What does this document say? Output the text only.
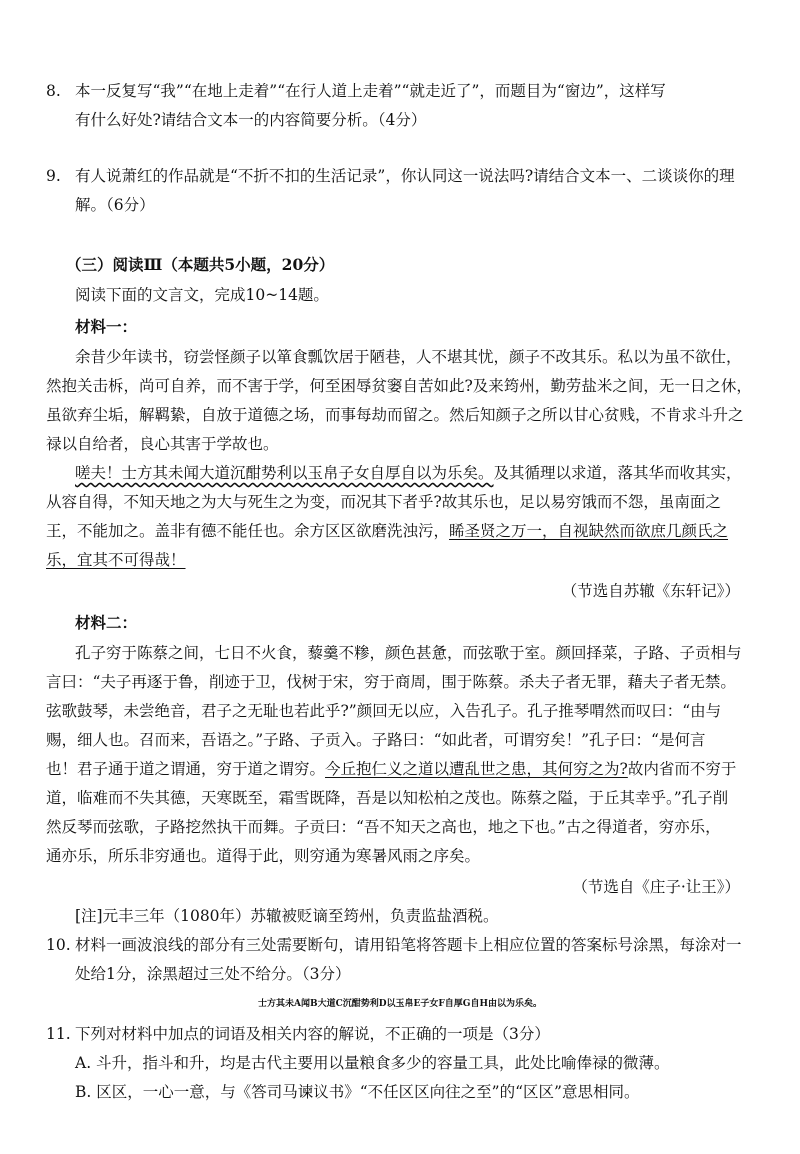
8. 本一反复写“我”“在地上走着”“在行人道上走着”“就走近了”，而题目为“窗边”，这样写
有什么好处?请结合文本一的内容简要分析。（4分）
9. 有人说萧红的作品就是“不折不扣的生活记录”，你认同这一说法吗?请结合文本一、二谈谈你的理
解。（6分）
（三）阅读Ⅲ（本题共5小题，20分）
阅读下面的文言文，完成10~14题。
材料一：
余昔少年读书，窃尝怪颜子以箪食瓢饮居于陋巷，人不堪其忧，颜子不改其乐。私以为虽不欲仕，
然抱关击柝，尚可自养，而不害于学，何至困辱贫窭自苦如此?及来筠州，勤劳盐米之间，无一日之休，
虽欲弃尘垢，解羁絷，自放于道德之场，而事每劫而留之。然后知颜子之所以甘心贫贱，不肯求斗升之
禄以自给者，良心其害于学故也。
嗟夫！士方其未闻大道沉酣势利以玉帛子女自厚自以为乐矣。及其循理以求道，落其华而收其实，
从容自得，不知天地之为大与死生之为变，而况其下者乎?故其乐也，足以易穷饿而不怨，虽南面之
王，不能加之。盖非有德不能任也。余方区区欲磨洗浊污，睎圣贤之万一，自视缺然而欲庶几颜氏之
乐，宜其不可得哉！
（节选自苏辙《东轩记》）
材料二：
孔子穷于陈蔡之间，七日不火食，藜羹不糁，颜色甚惫，而弦歌于室。颜回择菜，子路、子贡相与
言曰：“夫子再逐于鲁，削迹于卫，伐树于宋，穷于商周，围于陈蔡。杀夫子者无罪，藉夫子者无禁。
弦歌鼓琴，未尝绝音，君子之无耻也若此乎?”颜回无以应，入告孔子。孔子推琴喟然而叹曰：“由与
赐，细人也。召而来，吾语之。”子路、子贡入。子路曰：“如此者，可谓穷矣！”孔子曰：“是何言
也！君子通于道之谓通，穷于道之谓穷。今丘抱仁义之道以遭乱世之患，其何穷之为?故内省而不穷于
道，临难而不失其德，天寒既至，霜雪既降，吾是以知松柏之茂也。陈蔡之隘，于丘其幸乎。”孔子削
然反琴而弦歌，子路挖然执干而舞。子贡曰：“吾不知天之高也，地之下也。”古之得道者，穷亦乐，
通亦乐，所乐非穷通也。道得于此，则穷通为寒暑风雨之序矣。
（节选自《庄子·让王》）
[注]元丰三年（1080年）苏辙被贬谪至筠州，负责监盐酒税。
10. 材料一画波浪线的部分有三处需要断句，请用铅笔将答题卡上相应位置的答案标号涂黑，每涂对一
处给1分，涂黑超过三处不给分。（3分）
士方其未A闻B大道C沉酣势利D以玉帛E子女F自厚G自H由以为乐矣。
11. 下列对材料中加点的词语及相关内容的解说，不正确的一项是（3分）
A. 斗升，指斗和升，均是古代主要用以量粮食多少的容量工具，此处比喻俸禄的微薄。
B. 区区，一心一意，与《答司马谏议书》“不任区区向往之至”的“区区”意思相同。
